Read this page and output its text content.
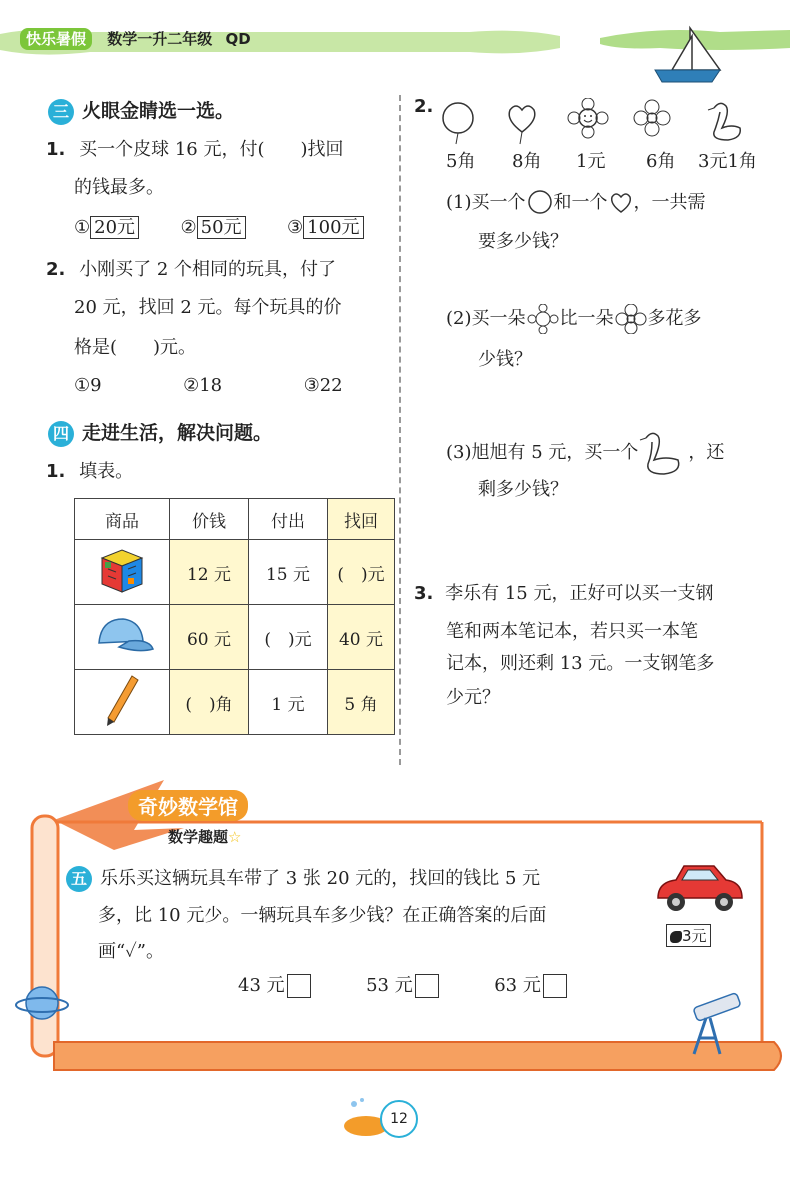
快乐暑假 数学一升二年级 QD
三 火眼金睛选一选。
1. 买一个皮球 16 元，付(　　)找回
的钱最多。
① 20元	② 50元	③ 100元
2. 小刚买了 2 个相同的玩具，付了
20 元，找回 2 元。每个玩具的价
格是(　　)元。
①9	②18	③22
四 走进生活，解决问题。
1. 填表。
商品	价钱	付出	找回
	12 元	15 元	(　)元
	60 元	(　)元	40 元
	(　)角	1 元	5 角
2.
5角 8角 1元 6角 3元1角
(1)买一个 和一个 ，一共需
要多少钱？
(2)买一朵 比一朵 多花多
少钱？
(3)旭旭有 5 元，买一个	，还
剩多少钱？
3. 李乐有 15 元，正好可以买一支钢
笔和两本笔记本，若只买一本笔
记本，则还剩 13 元。一支钢笔多
少元？
奇妙数学馆
数学趣题☆
五 乐乐买这辆玩具车带了 3 张 20 元的，找回的钱比 5 元
多，比 10 元少。一辆玩具车多少钱？在正确答案的后面
画“✓”。
43 元	53 元	63 元
3元
12
